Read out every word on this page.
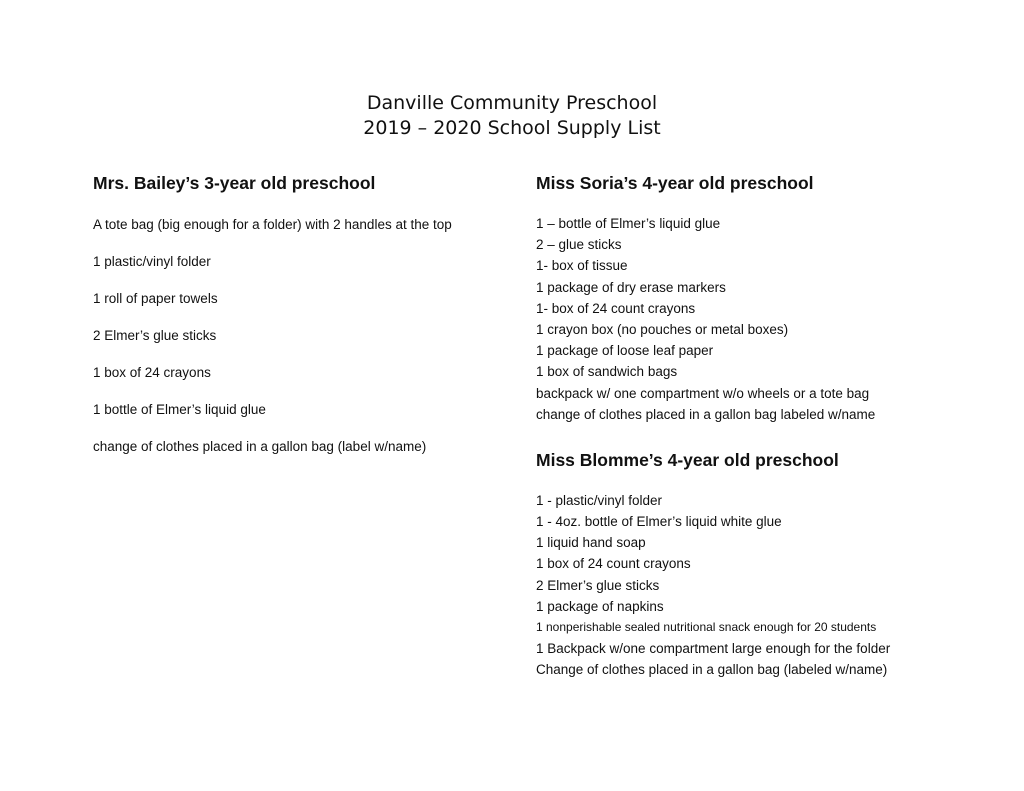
Danville Community Preschool
2019 – 2020 School Supply List
Mrs. Bailey’s 3-year old preschool
A tote bag (big enough for a folder) with 2 handles at the top
1 plastic/vinyl folder
1 roll of paper towels
2 Elmer’s glue sticks
1 box of 24 crayons
1 bottle of Elmer’s liquid glue
change of clothes placed in a gallon bag (label w/name)
Miss Soria’s 4-year old preschool
1 – bottle of Elmer’s liquid glue
2 – glue sticks
1- box of tissue
1 package of dry erase markers
1- box of 24 count crayons
1 crayon box (no pouches or metal boxes)
1 package of loose leaf paper
1 box of sandwich bags
backpack w/ one compartment w/o wheels or a tote bag
change of clothes placed in a gallon bag labeled w/name
Miss Blomme’s 4-year old preschool
1 - plastic/vinyl folder
1 - 4oz. bottle of Elmer’s liquid white glue
1 liquid hand soap
1 box of 24 count crayons
2 Elmer’s glue sticks
1 package of napkins
1 nonperishable sealed nutritional snack enough for 20 students
1 Backpack w/one compartment large enough for the folder
Change of clothes placed in a gallon bag (labeled w/name)
